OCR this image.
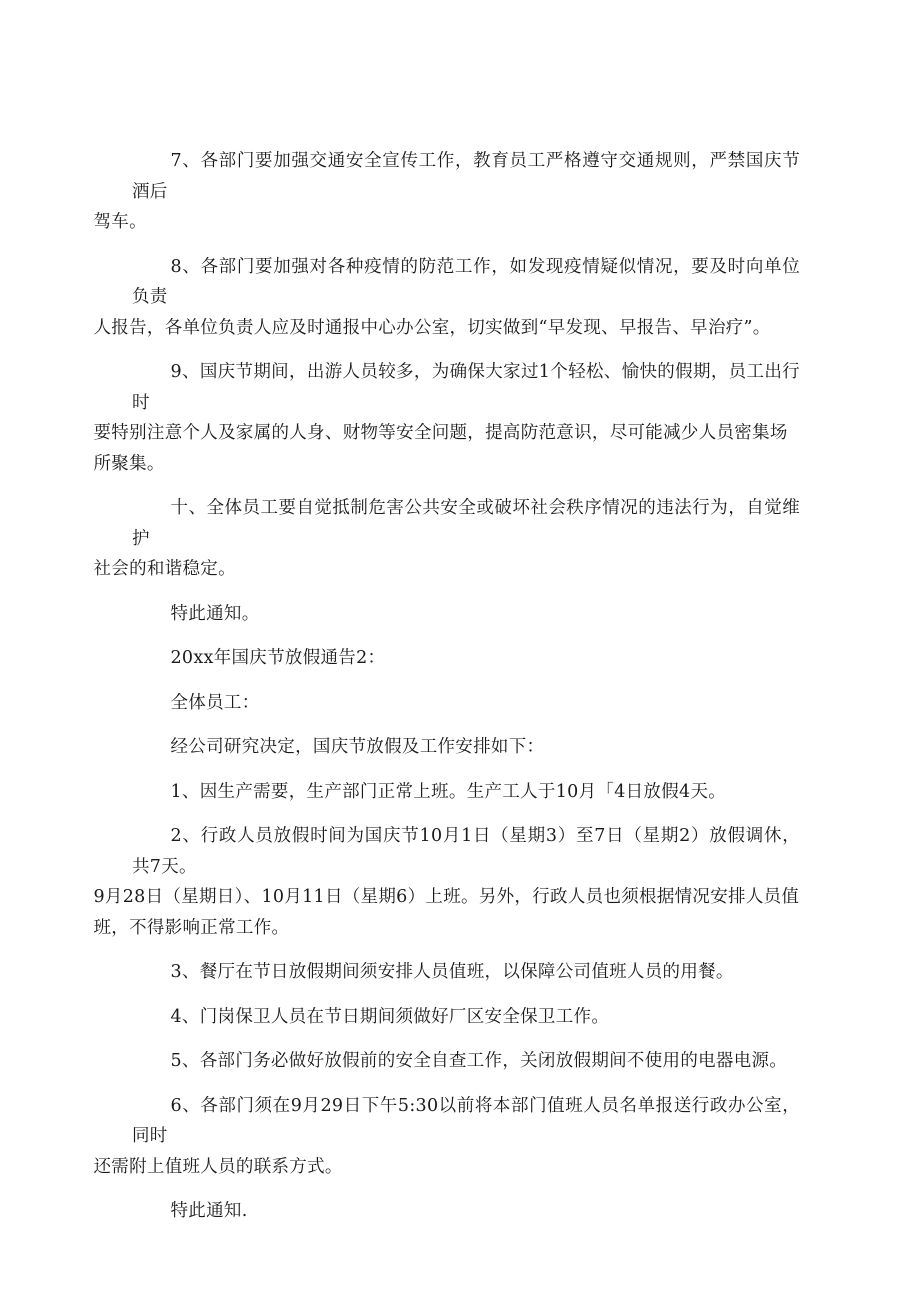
7、各部门要加强交通安全宣传工作，教育员工严格遵守交通规则，严禁国庆节酒后
驾车。

8、各部门要加强对各种疫情的防范工作，如发现疫情疑似情况，要及时向单位负责
人报告，各单位负责人应及时通报中心办公室，切实做到“早发现、早报告、早治疗”。

9、国庆节期间，出游人员较多，为确保大家过1个轻松、愉快的假期，员工出行时
要特别注意个人及家属的人身、财物等安全问题，提高防范意识，尽可能减少人员密集场
所聚集。

十、全体员工要自觉抵制危害公共安全或破坏社会秩序情况的违法行为，自觉维护
社会的和谐稳定。

特此通知。

20xx年国庆节放假通告2：

全体员工：

经公司研究决定，国庆节放假及工作安排如下：

1、因生产需要，生产部门正常上班。生产工人于10月「4日放假4天。

2、行政人员放假时间为国庆节10月1日（星期3）至7日（星期2）放假调休，共7天。
9月28日（星期日）、10月11日（星期6）上班。另外，行政人员也须根据情况安排人员值
班，不得影响正常工作。

3、餐厅在节日放假期间须安排人员值班，以保障公司值班人员的用餐。

4、门岗保卫人员在节日期间须做好厂区安全保卫工作。

5、各部门务必做好放假前的安全自查工作，关闭放假期间不使用的电器电源。

6、各部门须在9月29日下午5:30以前将本部门值班人员名单报送行政办公室，同时
还需附上值班人员的联系方式。

特此通知.
